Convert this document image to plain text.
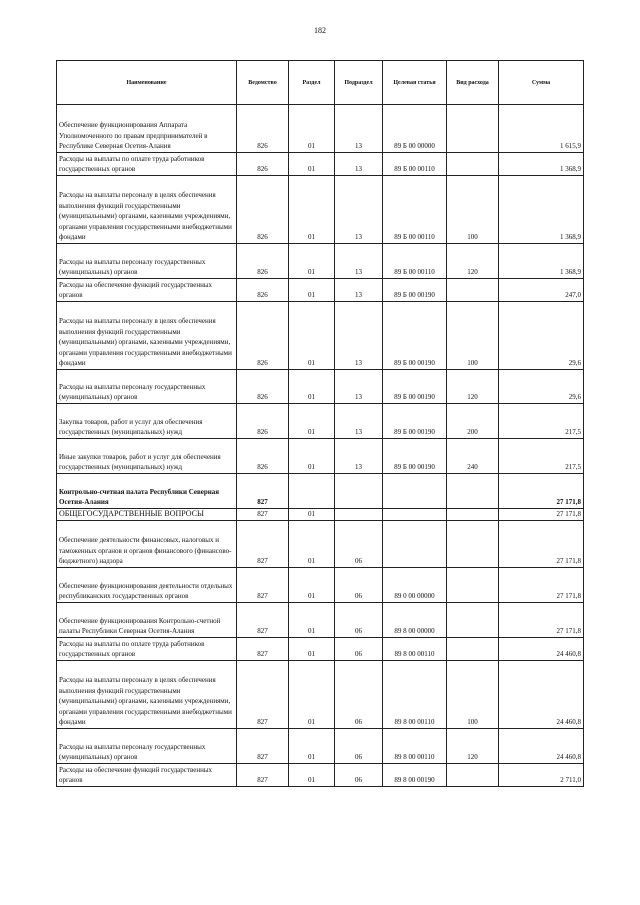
182
Наименование	Ведомство	Раздел	Подраздел	Целевая статья	Вид расхода	Сумма
Обеспечение функционирования Аппарата Уполномоченного по правам предпринимателей в Республике Северная Осетия-Алания	826	01	13	89 Б 00 00000		1 615,9
Расходы на выплаты по оплате труда работников государственных органов	826	01	13	89 Б 00 00110		1 368,9
Расходы на выплаты персоналу в целях обеспечения выполнения функций государственными (муниципальными) органами, казенными учреждениями, органами управления государственными внебюджетными фондами	826	01	13	89 Б 00 00110	100	1 368,9
Расходы на выплаты персоналу государственных (муниципальных) органов	826	01	13	89 Б 00 00110	120	1 368,9
Расходы на обеспечение функций государственных органов	826	01	13	89 Б 00 00190		247,0
Расходы на выплаты персоналу в целях обеспечения выполнения функций государственными (муниципальными) органами, казенными учреждениями, органами управления государственными внебюджетными фондами	826	01	13	89 Б 00 00190	100	29,6
Расходы на выплаты персоналу государственных (муниципальных) органов	826	01	13	89 Б 00 00190	120	29,6
Закупка товаров, работ и услуг для обеспечения государственных (муниципальных) нужд	826	01	13	89 Б 00 00190	200	217,5
Иные закупки товаров, работ и услуг для обеспечения государственных (муниципальных) нужд	826	01	13	89 Б 00 00190	240	217,5
Контрольно-счетная палата Республики Северная Осетия-Алания	827					27 171,8
ОБЩЕГОСУДАРСТВЕННЫЕ ВОПРОСЫ	827	01				27 171,8
Обеспечение деятельности финансовых, налоговых и таможенных органов и органов финансового (финансово-бюджетного) надзора	827	01	06			27 171,8
Обеспечение функционирования деятельности отдельных республиканских государственных органов	827	01	06	89 0 00 00000		27 171,8
Обеспечение функционирования Контрольно-счетной палаты Республики Северная Осетия-Алания	827	01	06	89 8 00 00000		27 171,8
Расходы на выплаты по оплате труда работников государственных органов	827	01	06	89 8 00 00110		24 460,8
Расходы на выплаты персоналу в целях обеспечения выполнения функций государственными (муниципальными) органами, казенными учреждениями, органами управления государственными внебюджетными фондами	827	01	06	89 8 00 00110	100	24 460,8
Расходы на выплаты персоналу государственных (муниципальных) органов	827	01	06	89 8 00 00110	120	24 460,8
Расходы на обеспечение функций государственных органов	827	01	06	89 8 00 00190		2 711,0
